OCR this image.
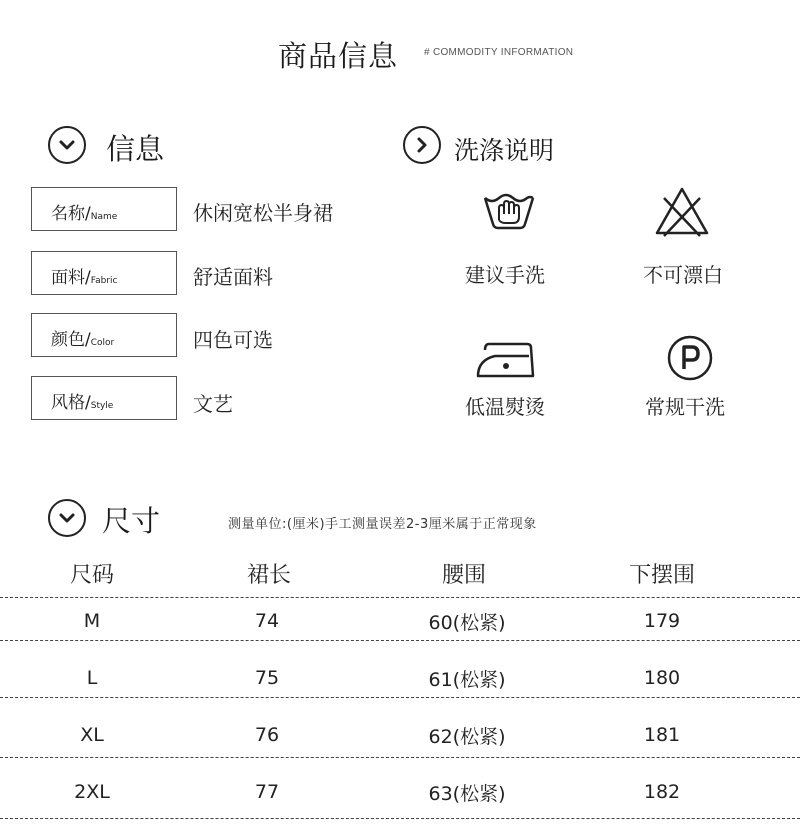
商品信息	# COMMODITY INFORMATION
信息	洗涤说明
名称/Name	休闲宽松半身裙
面料/Fabric	舒适面料
颜色/Color	四色可选
风格/Style	文艺
建议手洗	不可漂白
低温熨烫	常规干洗
尺寸	测量单位:(厘米)手工测量误差2-3厘米属于正常现象
尺码	裙长	腰围	下摆围
M	74	60(松紧)	179
L	75	61(松紧)	180
XL	76	62(松紧)	181
2XL	77	63(松紧)	182
